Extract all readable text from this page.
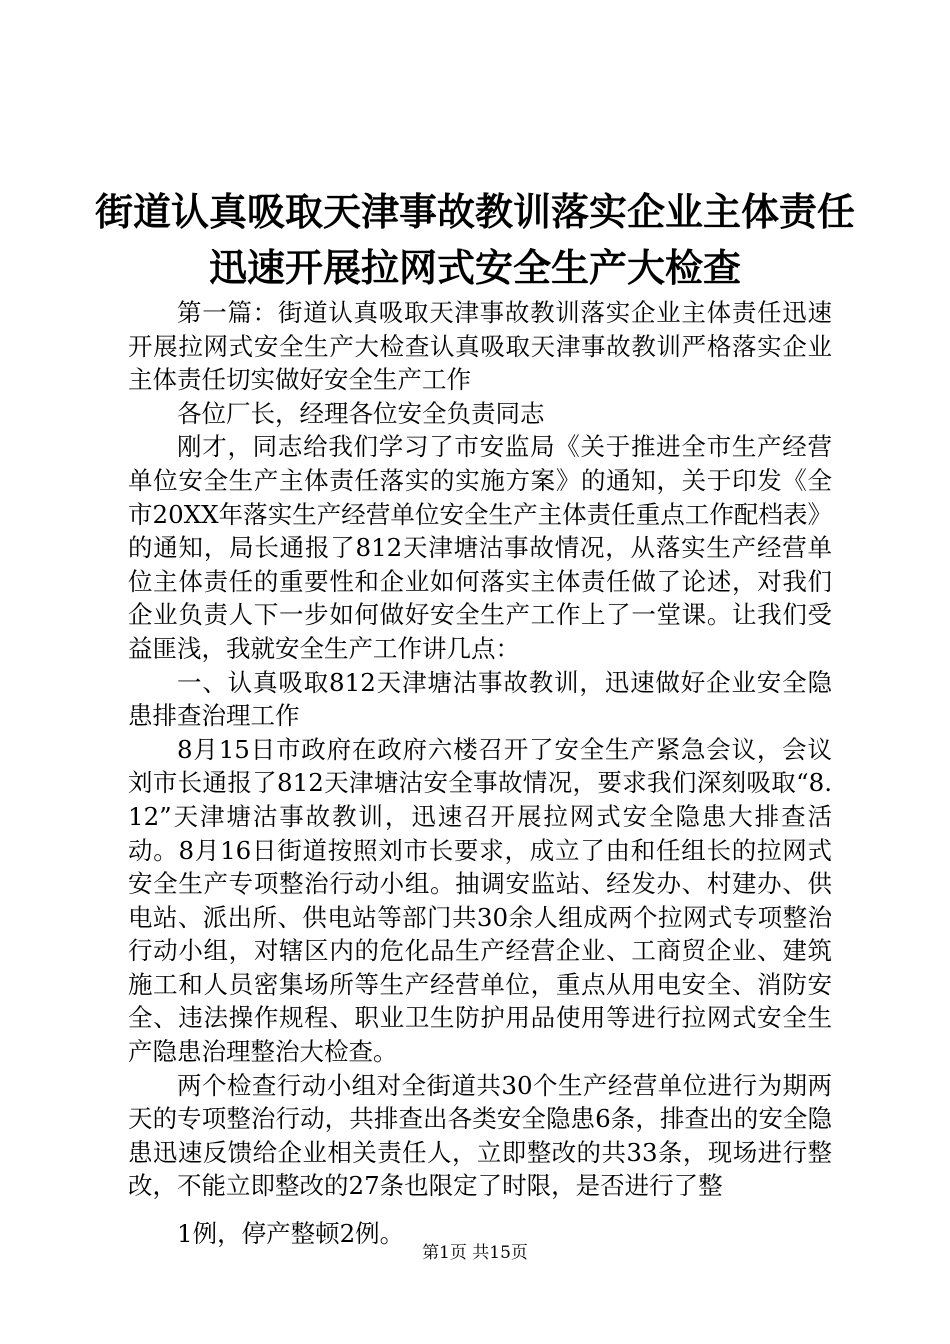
街道认真吸取天津事故教训落实企业主体责任
迅速开展拉网式安全生产大检查

第一篇：街道认真吸取天津事故教训落实企业主体责任迅速开展拉网式安全生产大检查认真吸取天津事故教训严格落实企业主体责任切实做好安全生产工作

各位厂长，经理各位安全负责同志

刚才，同志给我们学习了市安监局《关于推进全市生产经营单位安全生产主体责任落实的实施方案》的通知，关于印发《全市20XX年落实生产经营单位安全生产主体责任重点工作配档表》的通知，局长通报了812天津塘沽事故情况，从落实生产经营单位主体责任的重要性和企业如何落实主体责任做了论述，对我们企业负责人下一步如何做好安全生产工作上了一堂课。让我们受益匪浅，我就安全生产工作讲几点：

一、认真吸取812天津塘沽事故教训，迅速做好企业安全隐患排查治理工作

8月15日市政府在政府六楼召开了安全生产紧急会议，会议刘市长通报了812天津塘沽安全事故情况，要求我们深刻吸取“8.12”天津塘沽事故教训，迅速召开展拉网式安全隐患大排查活动。8月16日街道按照刘市长要求，成立了由和任组长的拉网式安全生产专项整治行动小组。抽调安监站、经发办、村建办、供电站、派出所、供电站等部门共30余人组成两个拉网式专项整治行动小组，对辖区内的危化品生产经营企业、工商贸企业、建筑施工和人员密集场所等生产经营单位，重点从用电安全、消防安全、违法操作规程、职业卫生防护用品使用等进行拉网式安全生产隐患治理整治大检查。

两个检查行动小组对全街道共30个生产经营单位进行为期两天的专项整治行动，共排查出各类安全隐患6条，排查出的安全隐患迅速反馈给企业相关责任人，立即整改的共33条，现场进行整改，不能立即整改的27条也限定了时限，是否进行了整

1例，停产整顿2例。

第1页 共15页
